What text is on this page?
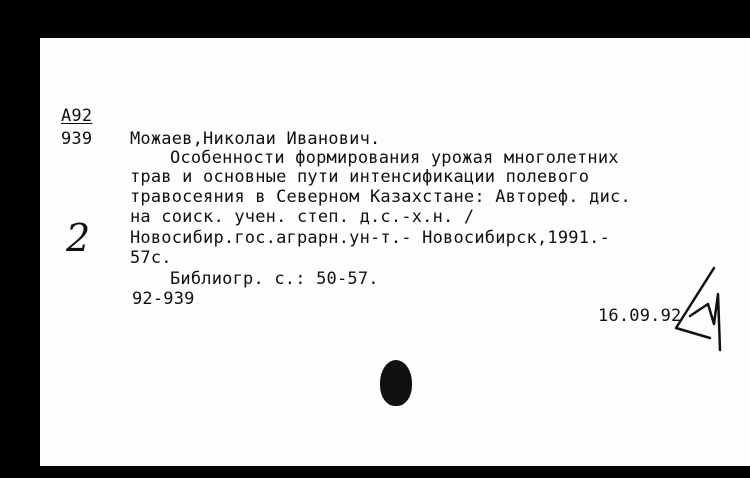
А92
939 Можаев,Николаи Иванович.
Особенности формирования урожая многолетних
трав и основные пути интенсификации полевого
травосеяния в Северном Казахстане: Автореф. дис.
на соиск. учен. степ. д.с.-х.н. /
Новосибир.гос.аграрн.ун-т.- Новосибирск,1991.-
57с.
Библиогр. с.: 50-57.
92-939
16.09.92
2
